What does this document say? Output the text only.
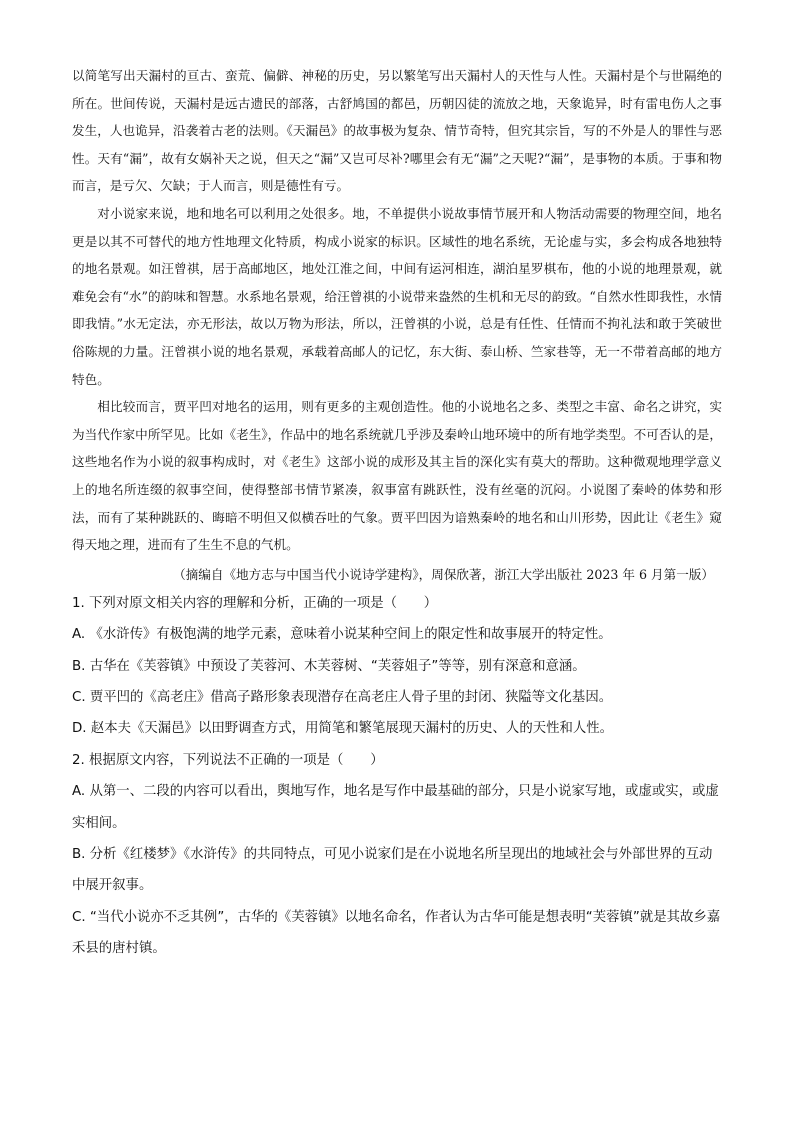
以简笔写出天漏村的亘古、蛮荒、偏僻、神秘的历史，另以繁笔写出天漏村人的天性与人性。天漏村是个与世隔绝的所在。世间传说，天漏村是远古遗民的部落，古舒鸠国的都邑，历朝囚徒的流放之地，天象诡异，时有雷电伤人之事发生，人也诡异，沿袭着古老的法则。《天漏邑》的故事极为复杂、情节奇特，但究其宗旨，写的不外是人的罪性与恶性。天有“漏”，故有女娲补天之说，但天之“漏”又岂可尽补?哪里会有无“漏”之天呢?“漏”，是事物的本质。于事和物而言，是亏欠、欠缺；于人而言，则是德性有亏。

对小说家来说，地和地名可以利用之处很多。地，不单提供小说故事情节展开和人物活动需要的物理空间，地名更是以其不可替代的地方性地理文化特质，构成小说家的标识。区域性的地名系统，无论虚与实，多会构成各地独特的地名景观。如汪曾祺，居于高邮地区，地处江淮之间，中间有运河相连，湖泊星罗棋布，他的小说的地理景观，就难免会有“水”的韵味和智慧。水系地名景观，给汪曾祺的小说带来盎然的生机和无尽的韵致。“自然水性即我性，水情即我情。”水无定法，亦无形法，故以万物为形法，所以，汪曾祺的小说，总是有任性、任情而不拘礼法和敢于笑破世俗陈规的力量。汪曾祺小说的地名景观，承载着高邮人的记忆，东大街、泰山桥、竺家巷等，无一不带着高邮的地方特色。

相比较而言，贾平凹对地名的运用，则有更多的主观创造性。他的小说地名之多、类型之丰富、命名之讲究，实为当代作家中所罕见。比如《老生》，作品中的地名系统就几乎涉及秦岭山地环境中的所有地学类型。不可否认的是，这些地名作为小说的叙事构成时，对《老生》这部小说的成形及其主旨的深化实有莫大的帮助。这种微观地理学意义上的地名所连缀的叙事空间，使得整部书情节紧凑，叙事富有跳跃性，没有丝毫的沉闷。小说图了秦岭的体势和形法，而有了某种跳跃的、晦暗不明但又似横吞吐的气象。贾平凹因为谙熟秦岭的地名和山川形势，因此让《老生》窥得天地之理，进而有了生生不息的气机。

（摘编自《地方志与中国当代小说诗学建构》，周保欣著，浙江大学出版社 2023 年 6 月第一版）

1. 下列对原文相关内容的理解和分析，正确的一项是（　　）

A. 《水浒传》有极饱满的地学元素，意味着小说某种空间上的限定性和故事展开的特定性。

B. 古华在《芙蓉镇》中预设了芙蓉河、木芙蓉树、“芙蓉姐子”等等，别有深意和意涵。

C. 贾平凹的《高老庄》借高子路形象表现潜存在高老庄人骨子里的封闭、狭隘等文化基因。

D. 赵本夫《天漏邑》以田野调查方式，用简笔和繁笔展现天漏村的历史、人的天性和人性。

2. 根据原文内容，下列说法不正确的一项是（　　）

A. 从第一、二段的内容可以看出，舆地写作，地名是写作中最基础的部分，只是小说家写地，或虚或实，或虚实相间。

B. 分析《红楼梦》《水浒传》的共同特点，可见小说家们是在小说地名所呈现出的地域社会与外部世界的互动中展开叙事。

C. “当代小说亦不乏其例”，古华的《芙蓉镇》以地名命名，作者认为古华可能是想表明“芙蓉镇”就是其故乡嘉禾县的唐村镇。
